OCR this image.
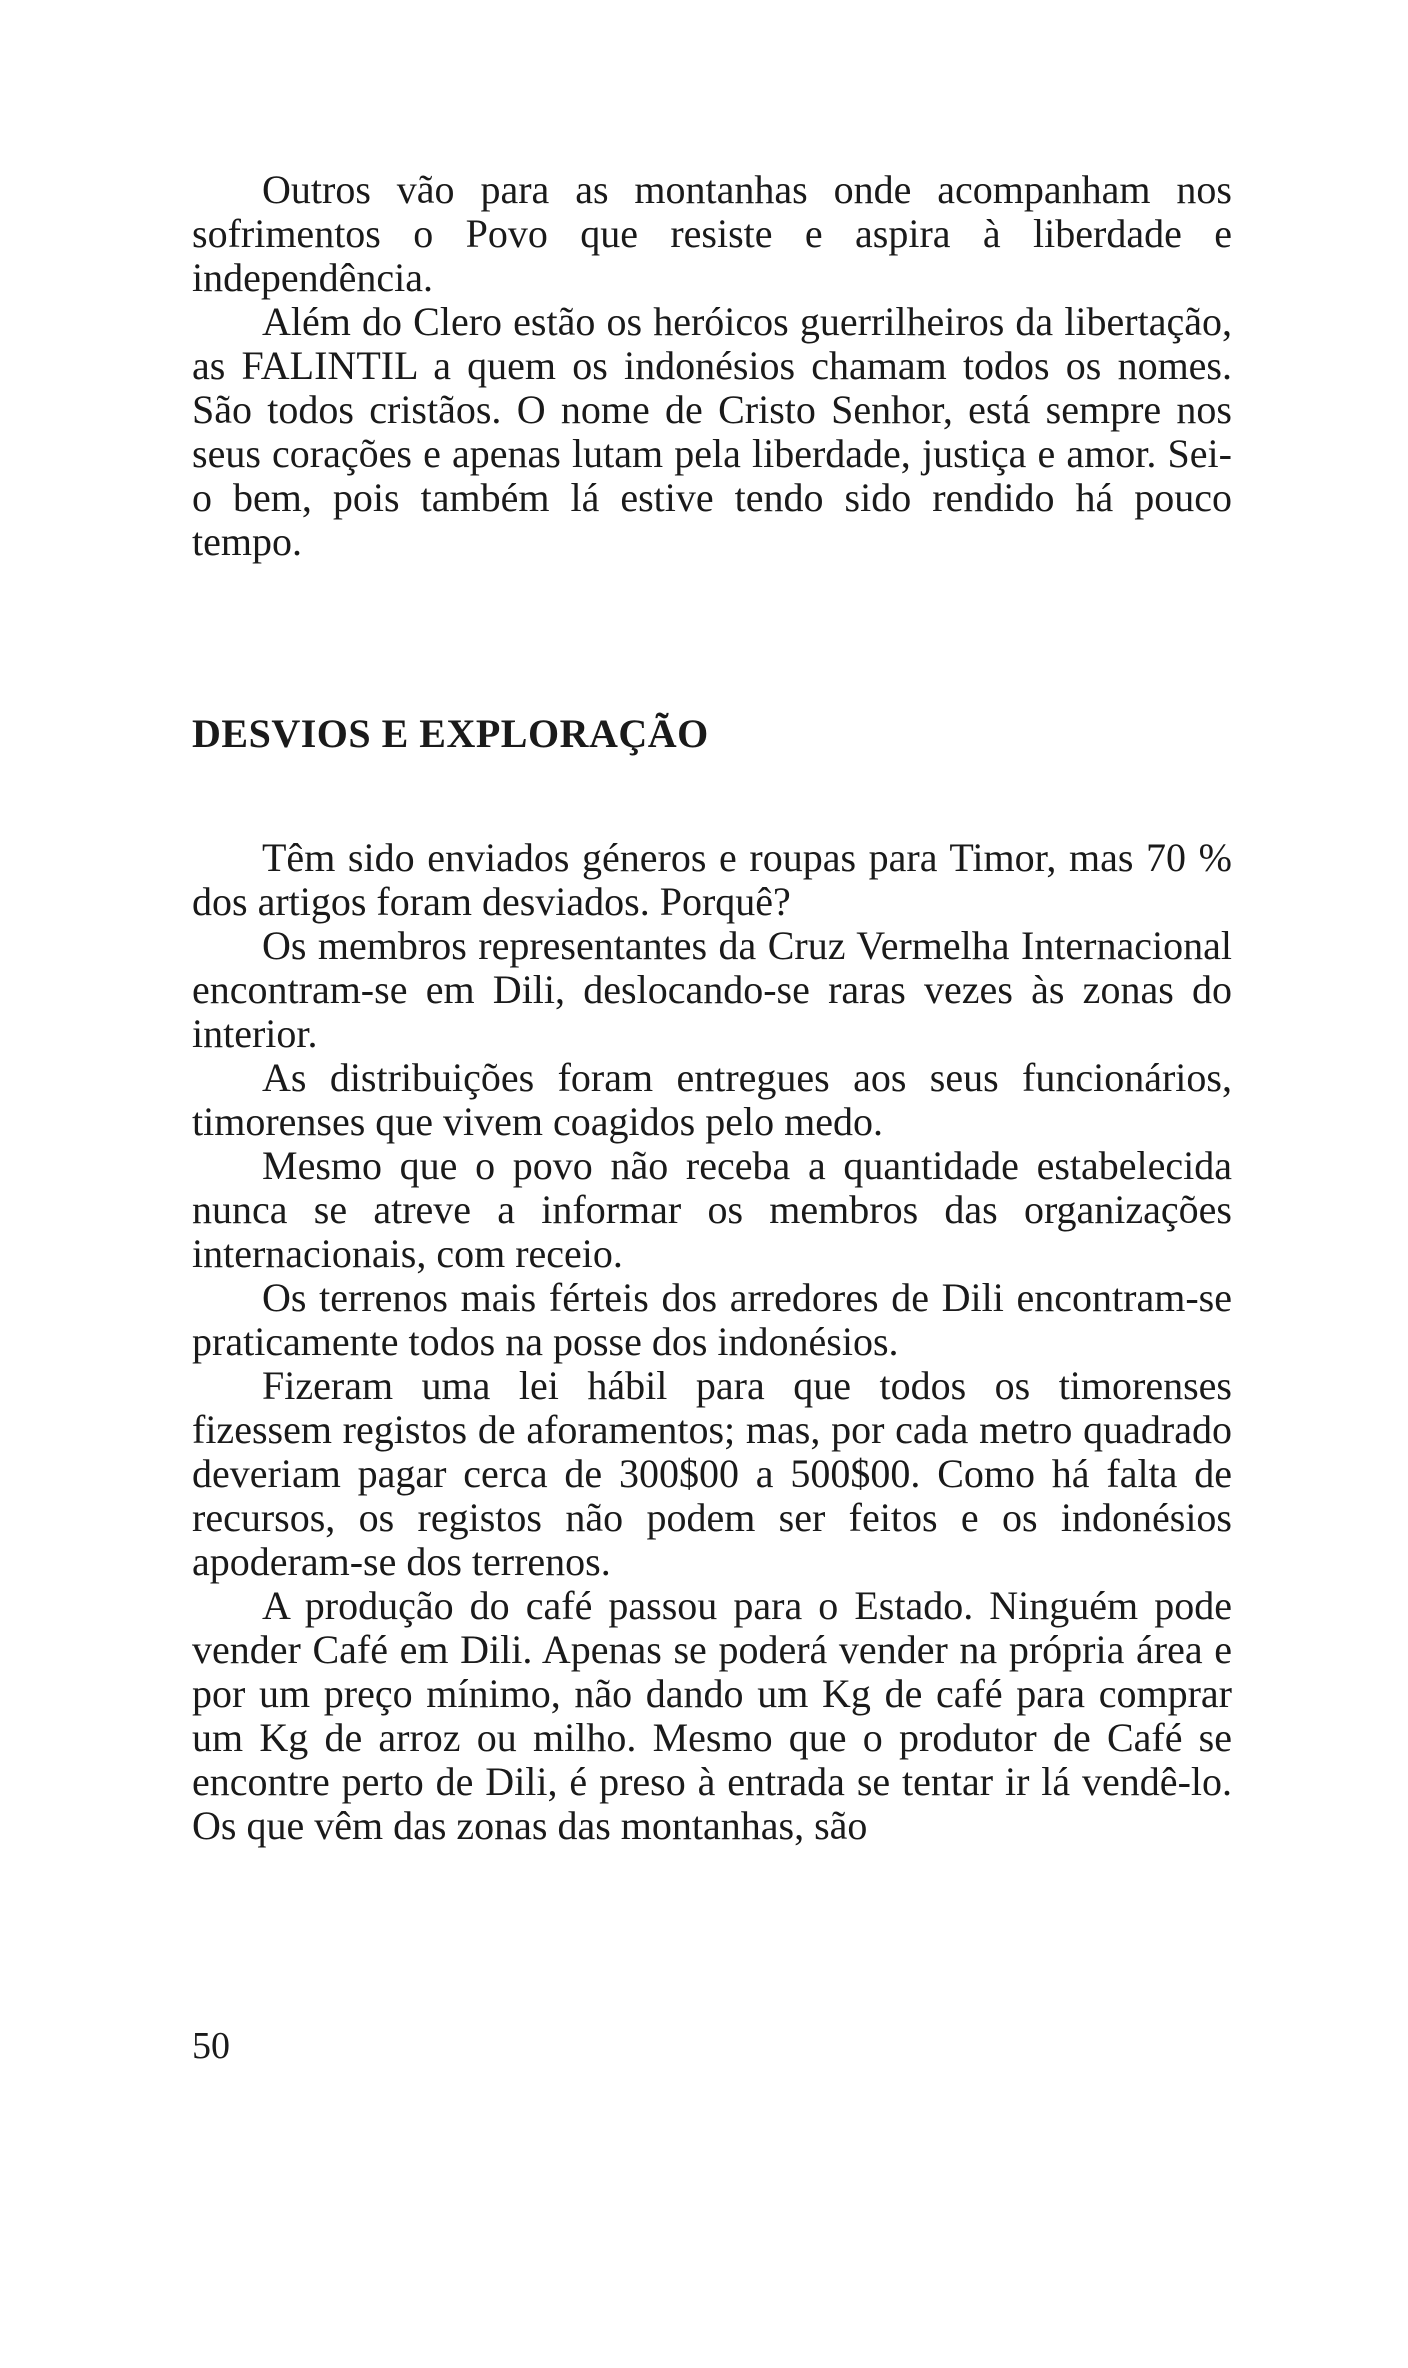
Outros vão para as montanhas onde acompanham nos sofrimentos o Povo que resiste e aspira à liberdade e independência.

Além do Clero estão os heróicos guerrilheiros da libertação, as FALINTIL a quem os indonésios chamam todos os nomes. São todos cristãos. O nome de Cristo Senhor, está sempre nos seus corações e apenas lutam pela liberdade, justiça e amor. Sei-o bem, pois também lá estive tendo sido rendido há pouco tempo.

DESVIOS E EXPLORAÇÃO

Têm sido enviados géneros e roupas para Timor, mas 70 % dos artigos foram desviados. Porquê?

Os membros representantes da Cruz Vermelha Internacional encontram-se em Dili, deslocando-se raras vezes às zonas do interior.

As distribuições foram entregues aos seus funcionários, timorenses que vivem coagidos pelo medo.

Mesmo que o povo não receba a quantidade estabelecida nunca se atreve a informar os membros das organizações internacionais, com receio.

Os terrenos mais férteis dos arredores de Dili encontram-se praticamente todos na posse dos indonésios.

Fizeram uma lei hábil para que todos os timorenses fizessem registos de aforamentos; mas, por cada metro quadrado deveriam pagar cerca de 300$00 a 500$00. Como há falta de recursos, os registos não podem ser feitos e os indonésios apoderam-se dos terrenos.

A produção do café passou para o Estado. Ninguém pode vender Café em Dili. Apenas se poderá vender na própria área e por um preço mínimo, não dando um Kg de café para comprar um Kg de arroz ou milho. Mesmo que o produtor de Café se encontre perto de Dili, é preso à entrada se tentar ir lá vendê-lo. Os que vêm das zonas das montanhas, são

50
